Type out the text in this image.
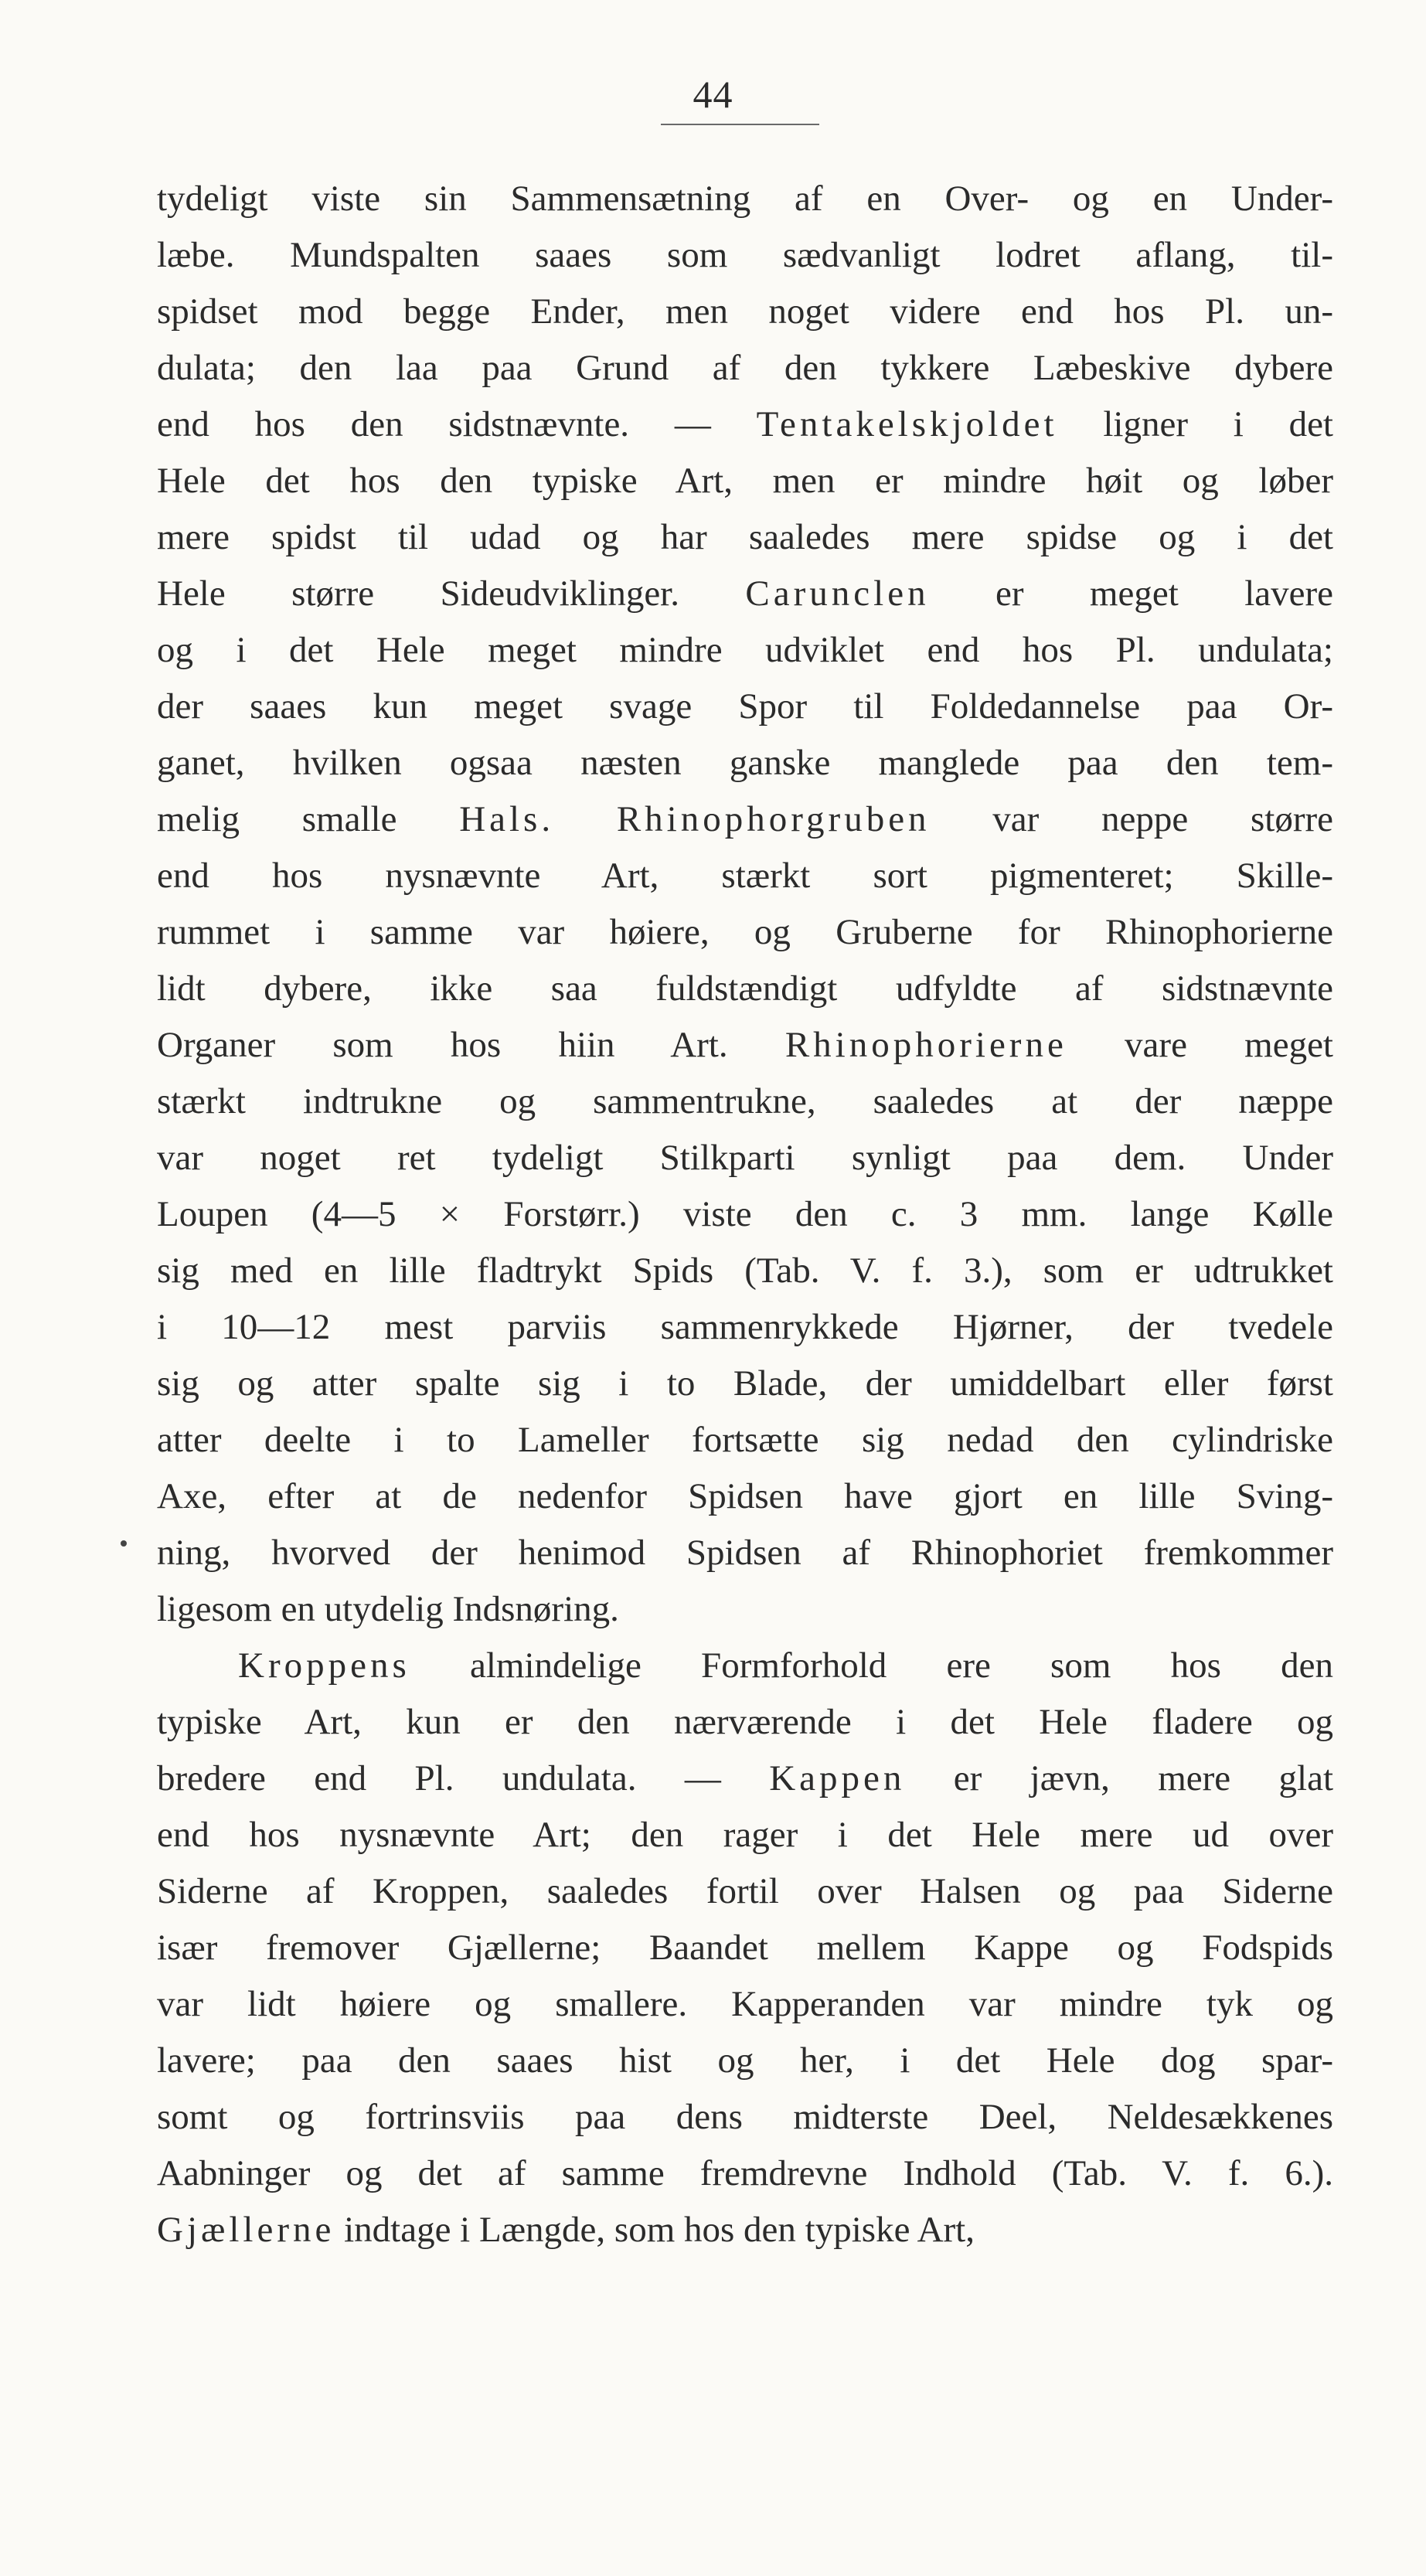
44
tydeligt viste sin Sammensætning af en Over- og en Under-
læbe. Mundspalten saaes som sædvanligt lodret aflang, til-
spidset mod begge Ender, men noget videre end hos Pl. un-
dulata; den laa paa Grund af den tykkere Læbeskive dybere
end hos den sidstnævnte. — Tentakelskjoldet ligner i det
Hele det hos den typiske Art, men er mindre høit og løber
mere spidst til udad og har saaledes mere spidse og i det
Hele større Sideudviklinger. Carunclen er meget lavere
og i det Hele meget mindre udviklet end hos Pl. undulata;
der saaes kun meget svage Spor til Foldedannelse paa Or-
ganet, hvilken ogsaa næsten ganske manglede paa den tem-
melig smalle Hals. Rhinophorgruben var neppe større
end hos nysnævnte Art, stærkt sort pigmenteret; Skille-
rummet i samme var høiere, og Gruberne for Rhinophorierne
lidt dybere, ikke saa fuldstændigt udfyldte af sidstnævnte
Organer som hos hiin Art. Rhinophorierne vare meget
stærkt indtrukne og sammentrukne, saaledes at der næppe
var noget ret tydeligt Stilkparti synligt paa dem. Under
Loupen (4—5 × Forstørr.) viste den c. 3 mm. lange Kølle
sig med en lille fladtrykt Spids (Tab. V. f. 3.), som er udtrukket
i 10—12 mest parviis sammenrykkede Hjørner, der tvedele
sig og atter spalte sig i to Blade, der umiddelbart eller først
atter deelte i to Lameller fortsætte sig nedad den cylindriske
Axe, efter at de nedenfor Spidsen have gjort en lille Sving-
ning, hvorved der henimod Spidsen af Rhinophoriet fremkommer
ligesom en utydelig Indsnøring.
Kroppens almindelige Formforhold ere som hos den
typiske Art, kun er den nærværende i det Hele fladere og
bredere end Pl. undulata. — Kappen er jævn, mere glat
end hos nysnævnte Art; den rager i det Hele mere ud over
Siderne af Kroppen, saaledes fortil over Halsen og paa Siderne
især fremover Gjællerne; Baandet mellem Kappe og Fodspids
var lidt høiere og smallere. Kapperanden var mindre tyk og
lavere; paa den saaes hist og her, i det Hele dog spar-
somt og fortrinsviis paa dens midterste Deel, Neldesækkenes
Aabninger og det af samme fremdrevne Indhold (Tab. V. f. 6.).
Gjællerne indtage i Længde, som hos den typiske Art,
